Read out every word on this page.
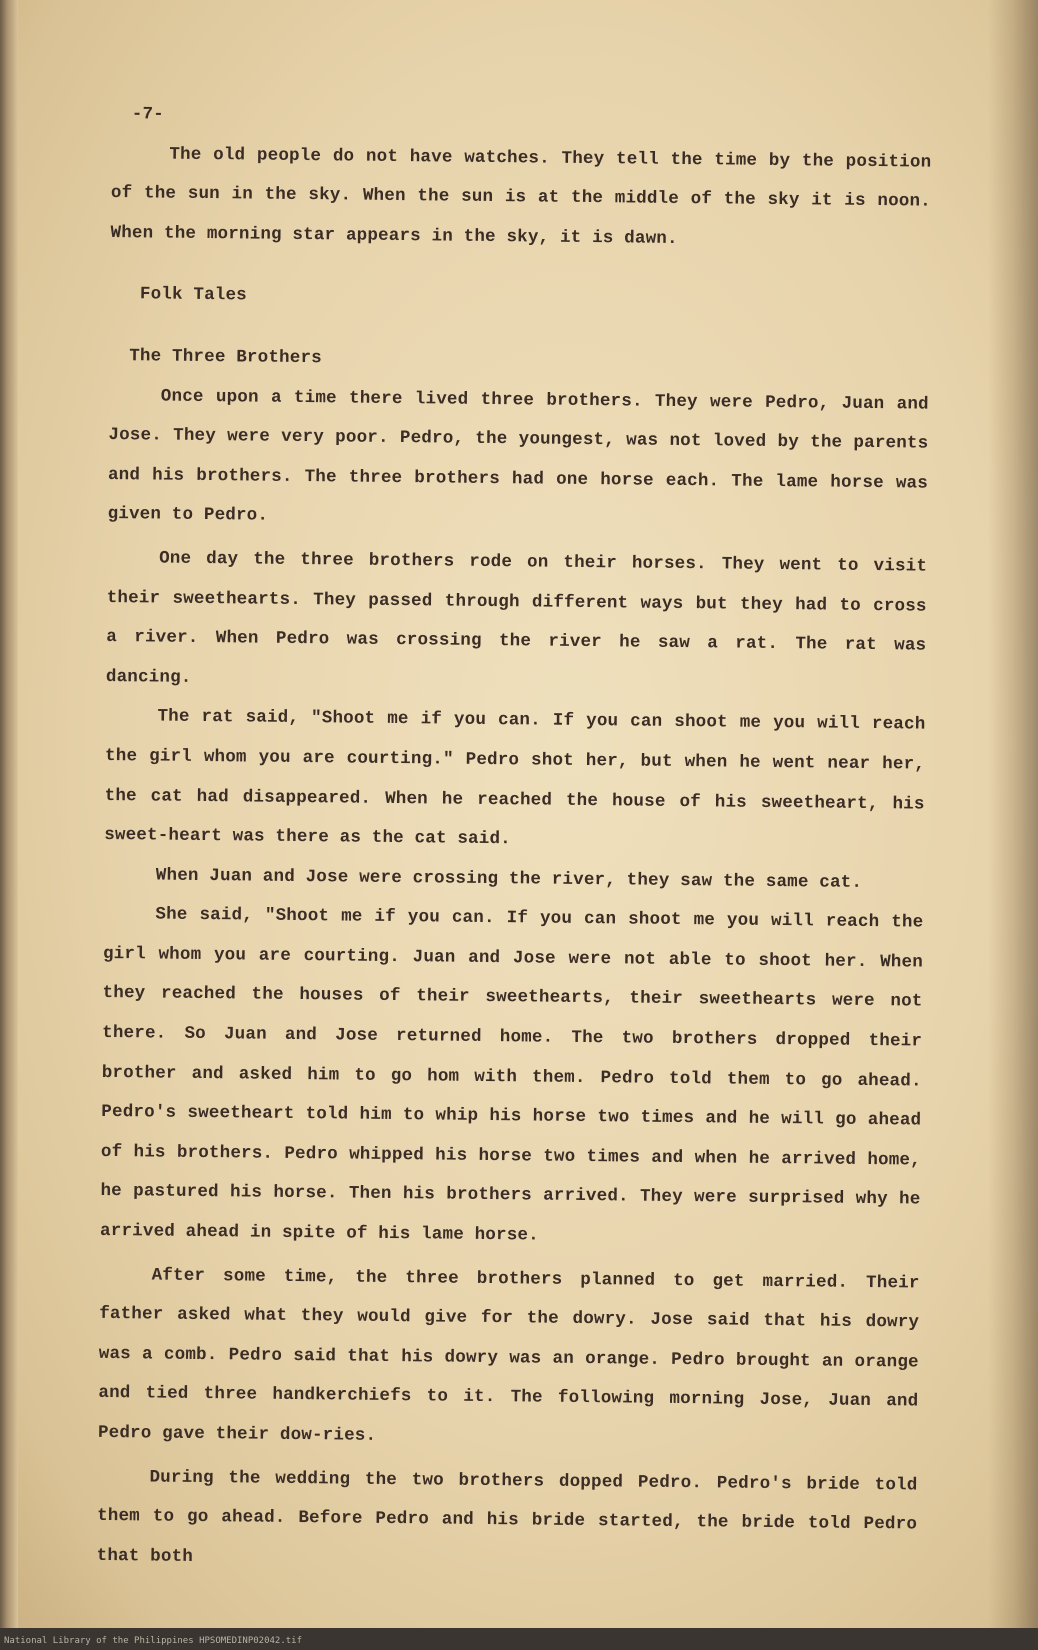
-7-

The old people do not have watches. They tell the time by the position of the sun in the sky. When the sun is at the middle of the sky it is noon. When the morning star appears in the sky, it is dawn.

Folk Tales

The Three Brothers

Once upon a time there lived three brothers. They were Pedro, Juan and Jose. They were very poor. Pedro, the youngest, was not loved by the parents and his brothers. The three brothers had one horse each. The lame horse was given to Pedro.

One day the three brothers rode on their horses. They went to visit their sweethearts. They passed through different ways but they had to cross a river. When Pedro was crossing the river he saw a rat. The rat was dancing.

The rat said, "Shoot me if you can. If you can shoot me you will reach the girl whom you are courting." Pedro shot her, but when he went near her, the cat had disappeared. When he reached the house of his sweetheart, his sweet-heart was there as the cat said.

When Juan and Jose were crossing the river, they saw the same cat.

She said, "Shoot me if you can. If you can shoot me you will reach the girl whom you are courting. Juan and Jose were not able to shoot her. When they reached the houses of their sweethearts, their sweethearts were not there. So Juan and Jose returned home. The two brothers dropped their brother and asked him to go hom with them. Pedro told them to go ahead. Pedro's sweetheart told him to whip his horse two times and he will go ahead of his brothers. Pedro whipped his horse two times and when he arrived home, he pastured his horse. Then his brothers arrived. They were surprised why he arrived ahead in spite of his lame horse.

After some time, the three brothers planned to get married. Their father asked what they would give for the dowry. Jose said that his dowry was a comb. Pedro said that his dowry was an orange. Pedro brought an orange and tied three handkerchiefs to it. The following morning Jose, Juan and Pedro gave their dow-ries.

During the wedding the two brothers dopped Pedro. Pedro's bride told them to go ahead. Before Pedro and his bride started, the bride told Pedro that both

National Library of the Philippines HPSOMEDINP02042.tif
